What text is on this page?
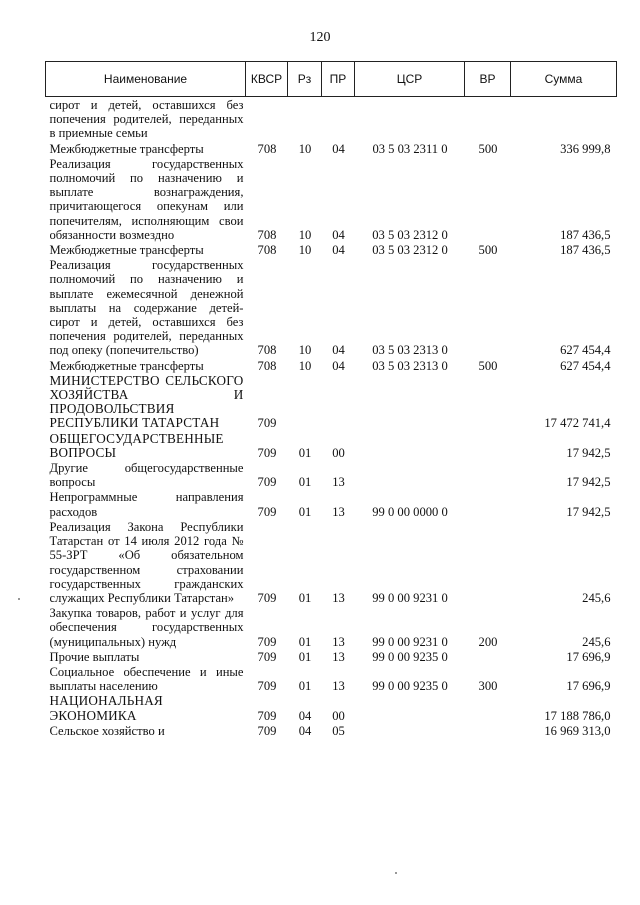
120
Наименование	КВСР	Рз	ПР	ЦСР	ВР	Сумма
сирот и детей, оставшихся без попечения родителей, переданных в приемные семьи						
Межбюджетные трансферты	708	10	04	03 5 03 2311 0	500	336 999,8
Реализация государственных полномочий по назначению и выплате вознаграждения, причитающегося опекунам или попечителям, исполняющим свои обязанности возмездно	708	10	04	03 5 03 2312 0		187 436,5
Межбюджетные трансферты	708	10	04	03 5 03 2312 0	500	187 436,5
Реализация государственных полномочий по назначению и выплате ежемесячной денежной выплаты на содержание детей-сирот и детей, оставшихся без попечения родителей, переданных под опеку (попечительство)	708	10	04	03 5 03 2313 0		627 454,4
Межбюджетные трансферты	708	10	04	03 5 03 2313 0	500	627 454,4
МИНИСТЕРСТВО СЕЛЬСКОГО ХОЗЯЙСТВА И ПРОДОВОЛЬСТВИЯ РЕСПУБЛИКИ ТАТАРСТАН	709					17 472 741,4
ОБЩЕГОСУДАРСТВЕННЫЕ ВОПРОСЫ	709	01	00			17 942,5
Другие общегосударственные вопросы	709	01	13			17 942,5
Непрограммные направления расходов	709	01	13	99 0 00 0000 0		17 942,5
Реализация Закона Республики Татарстан от 14 июля 2012 года № 55-ЗРТ «Об обязательном государственном страховании государственных гражданских служащих Республики Татарстан»	709	01	13	99 0 00 9231 0		245,6
Закупка товаров, работ и услуг для обеспечения государственных (муниципальных) нужд	709	01	13	99 0 00 9231 0	200	245,6
Прочие выплаты	709	01	13	99 0 00 9235 0		17 696,9
Социальное обеспечение и иные выплаты населению	709	01	13	99 0 00 9235 0	300	17 696,9
НАЦИОНАЛЬНАЯ ЭКОНОМИКА	709	04	00			17 188 786,0
Сельское хозяйство и	709	04	05			16 969 313,0
